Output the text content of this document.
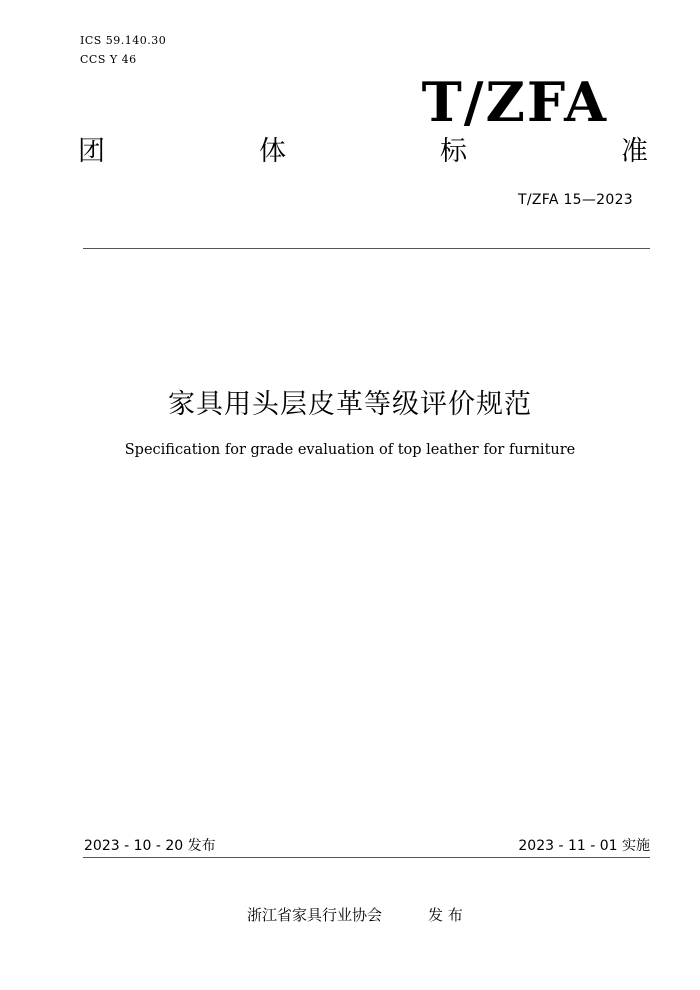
ICS 59.140.30
CCS Y 46
T/ZFA
团	体	标	准
T/ZFA 15—2023
家具用头层皮革等级评价规范
Specification for grade evaluation of top leather for furniture
2023 - 10 - 20 发布	2023 - 11 - 01 实施
浙江省家具行业协会	发 布
